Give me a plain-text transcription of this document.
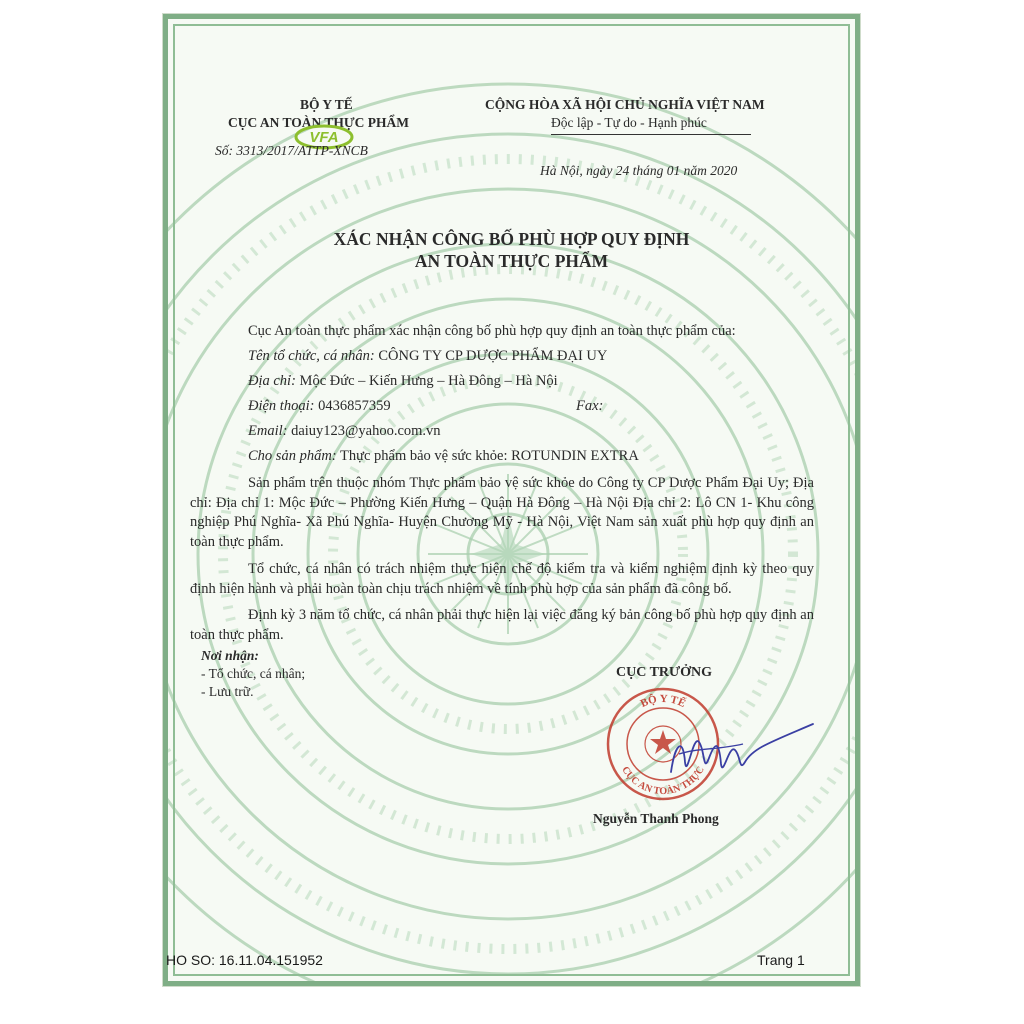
BỘ Y TẾ
CỤC AN TOÀN THỰC PHẨM
VFA
Số: 3313/2017/ATTP-XNCB
CỘNG HÒA XÃ HỘI CHỦ NGHĨA VIỆT NAM
Độc lập - Tự do - Hạnh phúc
Hà Nội, ngày 24 tháng 01 năm 2020
XÁC NHẬN CÔNG BỐ PHÙ HỢP QUY ĐỊNH
AN TOÀN THỰC PHẨM
Cục An toàn thực phẩm xác nhận công bố phù hợp quy định an toàn thực phẩm của:
Tên tổ chức, cá nhân: CÔNG TY CP DƯỢC PHẨM ĐẠI UY
Địa chỉ: Mộc Đức – Kiến Hưng – Hà Đông – Hà Nội
Điện thoại: 0436857359	Fax:
Email: daiuy123@yahoo.com.vn
Cho sản phẩm: Thực phẩm bảo vệ sức khỏe: ROTUNDIN EXTRA
Sản phẩm trên thuộc nhóm Thực phẩm bảo vệ sức khỏe do Công ty CP Dược Phẩm Đại Uy; Địa chỉ: Địa chỉ 1: Mộc Đức – Phường Kiến Hưng – Quận Hà Đông – Hà Nội Địa chỉ 2: Lô CN 1- Khu công nghiệp Phú Nghĩa- Xã Phú Nghĩa- Huyện Chương Mỹ - Hà Nội, Việt Nam sản xuất phù hợp quy định an toàn thực phẩm.
Tổ chức, cá nhân có trách nhiệm thực hiện chế độ kiểm tra và kiểm nghiệm định kỳ theo quy định hiện hành và phải hoàn toàn chịu trách nhiệm về tính phù hợp của sản phẩm đã công bố.
Định kỳ 3 năm tổ chức, cá nhân phải thực hiện lại việc đăng ký bản công bố phù hợp quy định an toàn thực phẩm.
Nơi nhận:
- Tổ chức, cá nhân;
- Lưu trữ.
CỤC TRƯỞNG
BỘ Y TẾ
CỤC AN TOÀN THỰC
Nguyễn Thanh Phong
HO SO: 16.11.04.151952	Trang 1
